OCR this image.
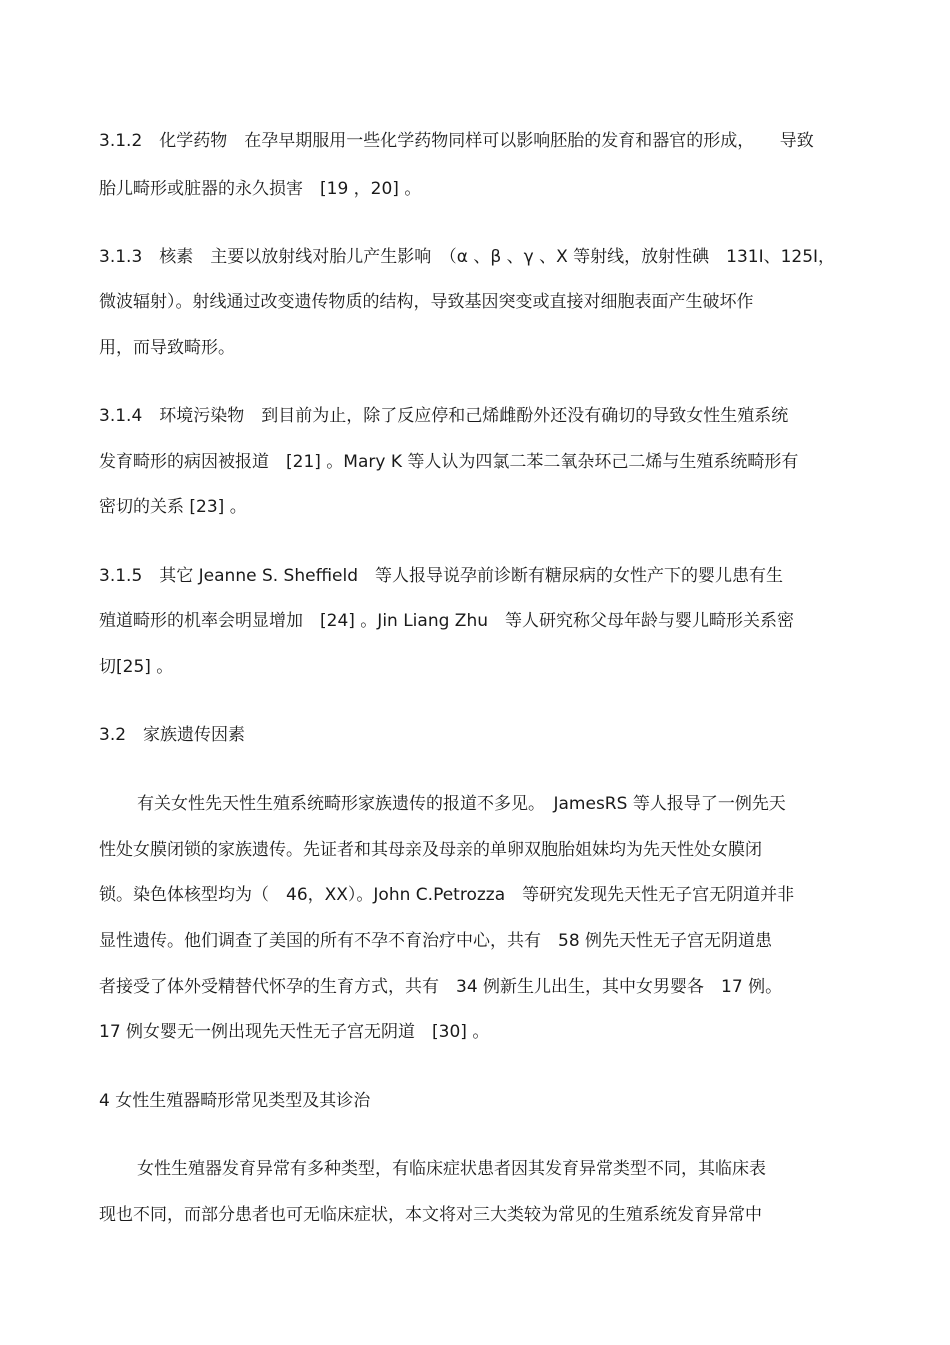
3.1.2　化学药物　在孕早期服用一些化学药物同样可以影响胚胎的发育和器官的形成，　　导致
胎儿畸形或脏器的永久损害　[19 ，20] 。
3.1.3　核素　主要以放射线对胎儿产生影响　（α 、β 、γ 、X 等射线，放射性碘　131I、125I，
微波辐射）。射线通过改变遗传物质的结构，导致基因突变或直接对细胞表面产生破坏作
用，而导致畸形。
3.1.4　环境污染物　到目前为止，除了反应停和己烯雌酚外还没有确切的导致女性生殖系统
发育畸形的病因被报道　[21] 。Mary K 等人认为四氯二苯二氧杂环己二烯与生殖系统畸形有
密切的关系 [23] 。
3.1.5　其它 Jeanne S. Sheffield　等人报导说孕前诊断有糖尿病的女性产下的婴儿患有生
殖道畸形的机率会明显增加　[24] 。Jin Liang Zhu　等人研究称父母年龄与婴儿畸形关系密
切[25] 。
3.2　家族遗传因素
有关女性先天性生殖系统畸形家族遗传的报道不多见。　JamesRS 等人报导了一例先天
性处女膜闭锁的家族遗传。先证者和其母亲及母亲的单卵双胞胎姐妹均为先天性处女膜闭
锁。染色体核型均为（　46，XX）。John C.Petrozza　等研究发现先天性无子宫无阴道并非
显性遗传。他们调查了美国的所有不孕不育治疗中心，共有　58 例先天性无子宫无阴道患
者接受了体外受精替代怀孕的生育方式，共有　34 例新生儿出生，其中女男婴各　17 例。
17 例女婴无一例出现先天性无子宫无阴道　[30] 。
4 女性生殖器畸形常见类型及其诊治
女性生殖器发育异常有多种类型，有临床症状患者因其发育异常类型不同，其临床表
现也不同，而部分患者也可无临床症状，本文将对三大类较为常见的生殖系统发育异常中
